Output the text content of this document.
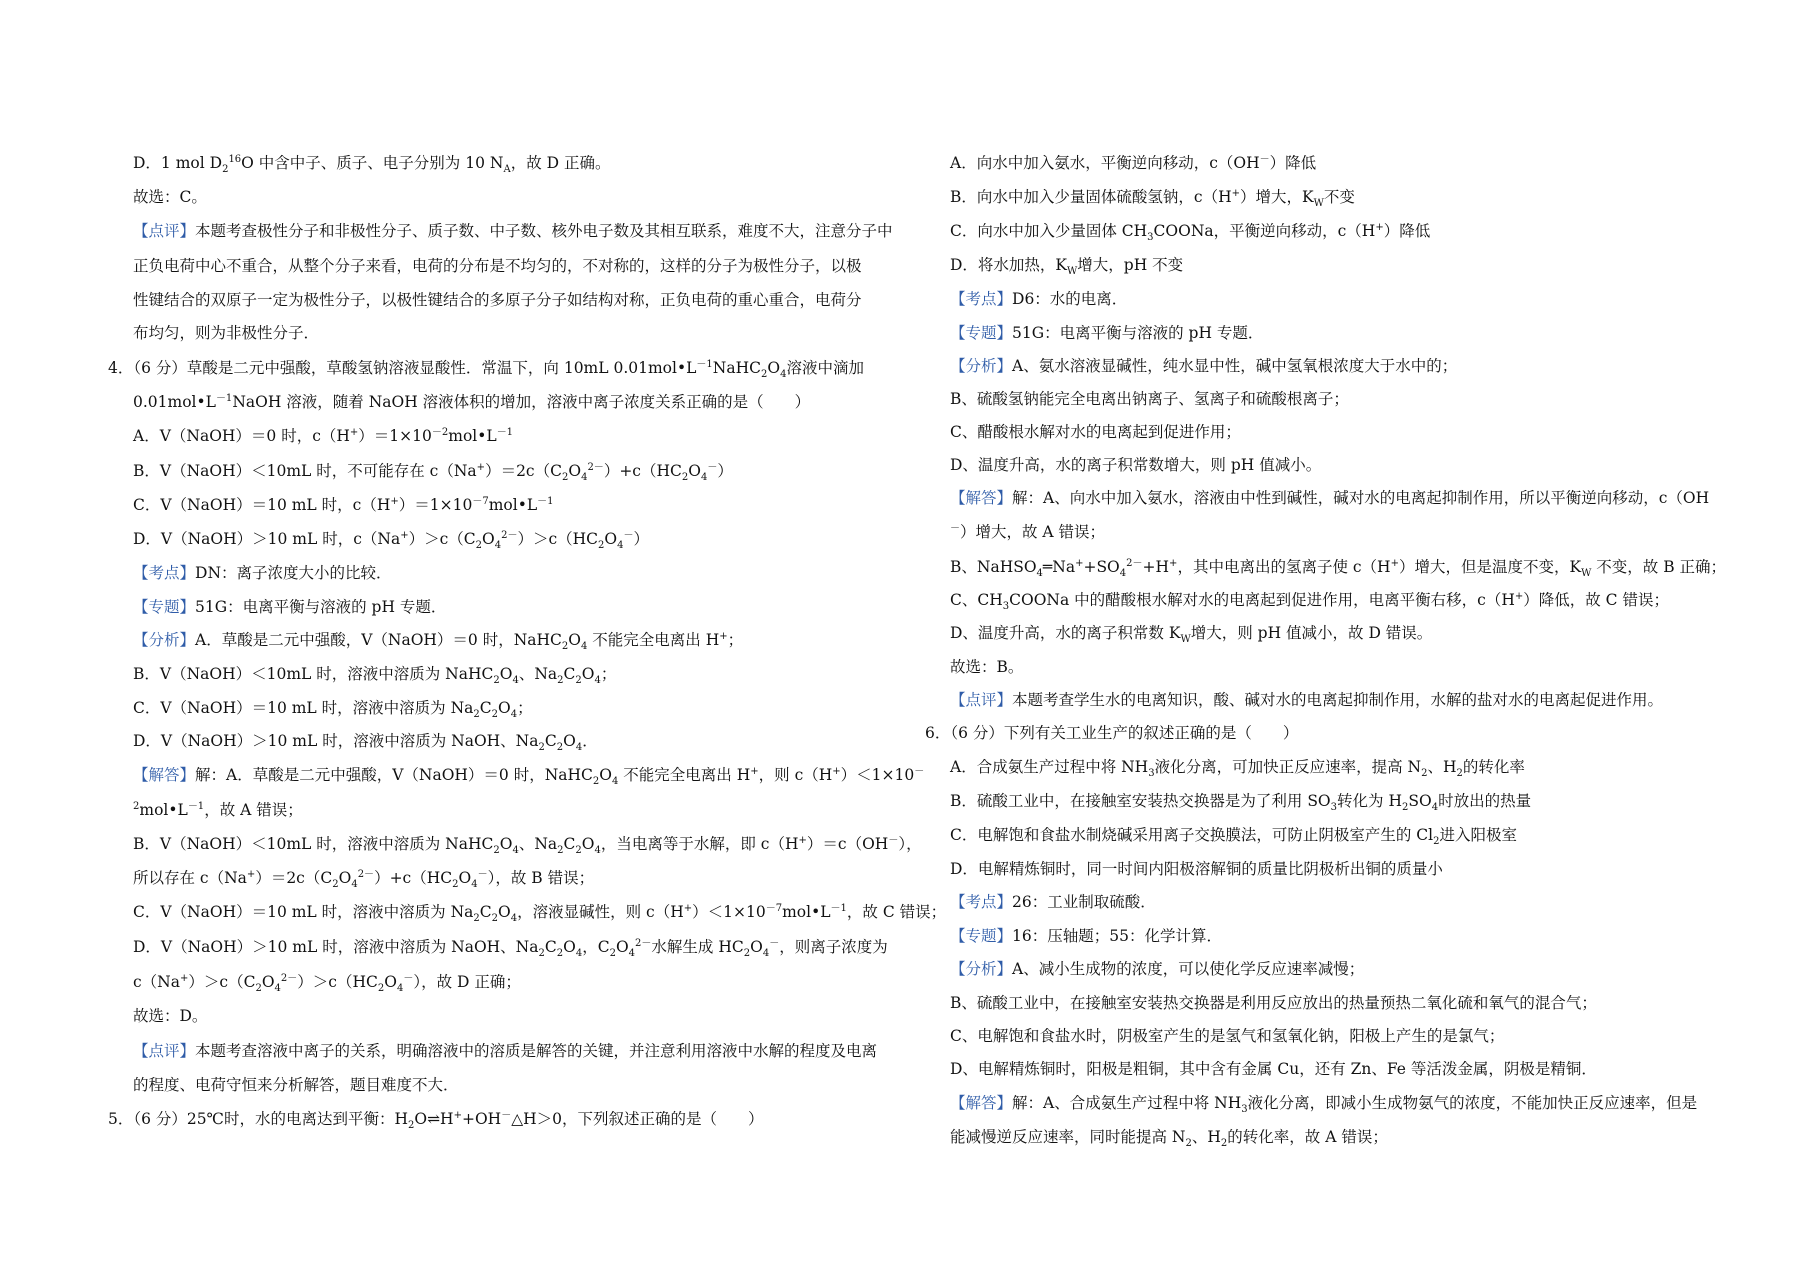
D．1 mol $D_2^{16}O$ 中含中子、质子、电子分别为 10 $N_A$，故 D 正确。
故选：C。
【点评】本题考查极性分子和非极性分子、质子数、中子数、核外电子数及其相互联系，难度不大，注意分子中
正负电荷中心不重合，从整个分子来看，电荷的分布是不均匀的，不对称的，这样的分子为极性分子，以极
性键结合的双原子一定为极性分子，以极性键结合的多原子分子如结构对称，正负电荷的重心重合，电荷分
布均匀，则为非极性分子．
4．（6 分）草酸是二元中强酸，草酸氢钠溶液显酸性．常温下，向 10mL $0.01mol•L^{-1}NaHC_2O_4$溶液中滴加
$0.01mol•L^{-1}NaOH$ 溶液，随着 NaOH 溶液体积的增加，溶液中离子浓度关系正确的是（　　）
A．V（NaOH）＝0 时，$c(H^+)=1\times 10^{-2}mol•L^{-1}$
B．V（NaOH）＜10mL 时，不可能存在 $c(Na^+)=2c(C_2O_4^{2-})+c(HC_2O_4^-)$
C．V（NaOH）＝10 mL 时，$c(H^+)=1\times 10^{-7}mol•L^{-1}$
D．V（NaOH）＞10 mL 时，$c(Na^+)>c(C_2O_4^{2-})>c(HC_2O_4^-)$
【考点】DN：离子浓度大小的比较．
【专题】51G：电离平衡与溶液的 pH 专题．
【分析】A．草酸是二元中强酸，V（NaOH）＝0 时，$NaHC_2O_4$ 不能完全电离出 H+；
B．V（NaOH）＜10mL 时，溶液中溶质为 $NaHC_2O_4$、$Na_2C_2O_4$；
C．V（NaOH）＝10 mL 时，溶液中溶质为 $Na_2C_2O_4$；
D．V（NaOH）＞10 mL 时，溶液中溶质为 NaOH、$Na_2C_2O_4$．
【解答】解：A．草酸是二元中强酸，V（NaOH）＝0 时，$NaHC_2O_4$ 不能完全电离出 H+，则 c（H+）＜1×10－
$^2mol•L^{-1}$，故 A 错误；
B．V（NaOH）＜10mL 时，溶液中溶质为 $NaHC_2O_4$、$Na_2C_2O_4$，当电离等于水解，即 c（H+）＝c（OH－），
所以存在 $c(Na^+)=2c(C_2O_4^{2-})+c(HC_2O_4^-)$，故 B 错误；
C．V（NaOH）＝10 mL 时，溶液中溶质为 $Na_2C_2O_4$，溶液显碱性，则 $c(H^+)<1\times 10^{-7}mol•L^{-1}$，故 C 错误；
D．V（NaOH）＞10 mL 时，溶液中溶质为 NaOH、$Na_2C_2O_4$，$C_2O_4^{2-}$水解生成 $HC_2O_4^-$，则离子浓度为
$c(Na^+)>c(C_2O_4^{2-})>c(HC_2O_4^-)$，故 D 正确；
故选：D。
【点评】本题考查溶液中离子的关系，明确溶液中的溶质是解答的关键，并注意利用溶液中水解的程度及电离
的程度、电荷守恒来分析解答，题目难度不大．
5．（6 分）25℃时，水的电离达到平衡：$H_2O\rightleftharpoons H^++OH^-\triangle H>0$，下列叙述正确的是（　　）
A．向水中加入氨水，平衡逆向移动，c（OH－）降低
B．向水中加入少量固体硫酸氢钠，c（H+）增大，$K_W$不变
C．向水中加入少量固体 $CH_3COONa$，平衡逆向移动，c（H+）降低
D．将水加热，$K_W$增大，pH 不变
【考点】D6：水的电离．
【专题】51G：电离平衡与溶液的 pH 专题．
【分析】A、氨水溶液显碱性，纯水显中性，碱中氢氧根浓度大于水中的；
B、硫酸氢钠能完全电离出钠离子、氢离子和硫酸根离子；
C、醋酸根水解对水的电离起到促进作用；
D、温度升高，水的离子积常数增大，则 pH 值减小。
【解答】解：A、向水中加入氨水，溶液由中性到碱性，碱对水的电离起抑制作用，所以平衡逆向移动，c（OH
－）增大，故 A 错误；
B、$NaHSO_4═Na^++SO_4^{2-}+H^+$，其中电离出的氢离子使 c（H+）增大，但是温度不变，$K_W$ 不变，故 B 正确；
C、$CH_3COONa$ 中的醋酸根水解对水的电离起到促进作用，电离平衡右移，c（H+）降低，故 C 错误；
D、温度升高，水的离子积常数 $K_W$增大，则 pH 值减小，故 D 错误。
故选：B。
【点评】本题考查学生水的电离知识，酸、碱对水的电离起抑制作用，水解的盐对水的电离起促进作用。
6．（6 分）下列有关工业生产的叙述正确的是（　　）
A．合成氨生产过程中将 $NH_3$液化分离，可加快正反应速率，提高 $N_2$、$H_2$的转化率
B．硫酸工业中，在接触室安装热交换器是为了利用 $SO_3$转化为 $H_2SO_4$时放出的热量
C．电解饱和食盐水制烧碱采用离子交换膜法，可防止阴极室产生的 $Cl_2$进入阳极室
D．电解精炼铜时，同一时间内阳极溶解铜的质量比阴极析出铜的质量小
【考点】26：工业制取硫酸．
【专题】16：压轴题；55：化学计算．
【分析】A、减小生成物的浓度，可以使化学反应速率减慢；
B、硫酸工业中，在接触室安装热交换器是利用反应放出的热量预热二氧化硫和氧气的混合气；
C、电解饱和食盐水时，阴极室产生的是氢气和氢氧化钠，阳极上产生的是氯气；
D、电解精炼铜时，阳极是粗铜，其中含有金属 Cu，还有 Zn、Fe 等活泼金属，阴极是精铜．
【解答】解：A、合成氨生产过程中将 $NH_3$液化分离，即减小生成物氨气的浓度，不能加快正反应速率，但是
能减慢逆反应速率，同时能提高 $N_2$、$H_2$的转化率，故 A 错误；
